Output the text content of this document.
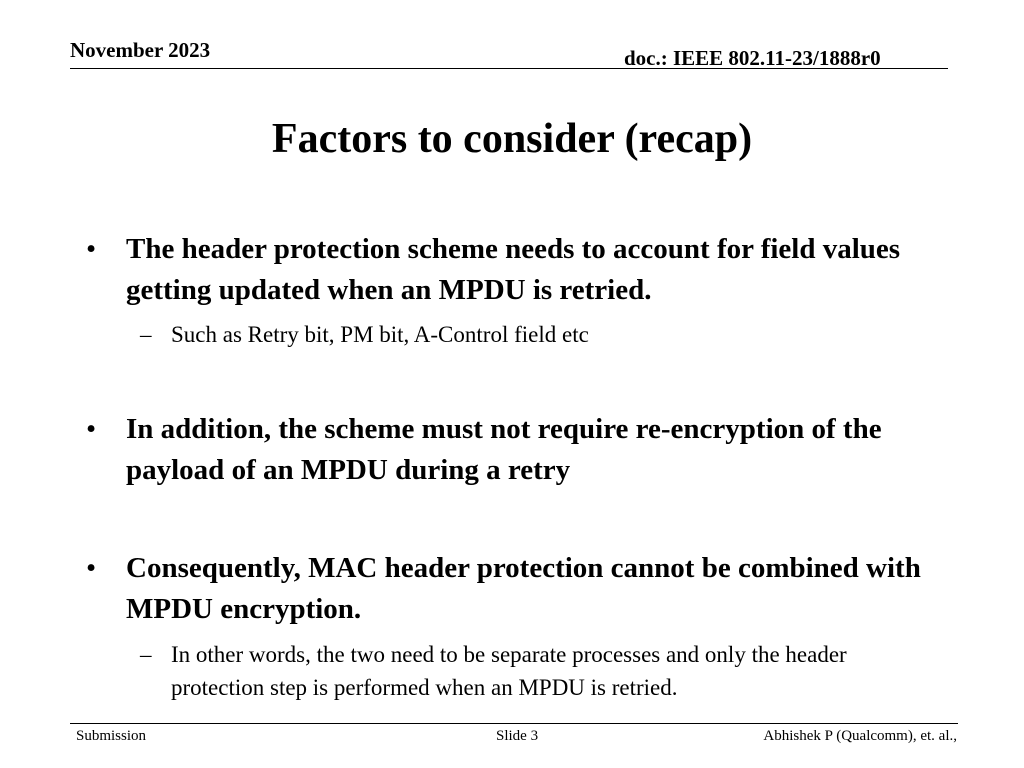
November 2023	doc.: IEEE 802.11-23/1888r0
Factors to consider (recap)
• The header protection scheme needs to account for field values getting updated when an MPDU is retried.
– Such as Retry bit, PM bit, A-Control field etc
• In addition, the scheme must not require re-encryption of the payload of an MPDU during a retry
• Consequently, MAC header protection cannot be combined with MPDU encryption.
– In other words, the two need to be separate processes and only the header protection step is performed when an MPDU is retried.
Submission	Slide 3	Abhishek P (Qualcomm), et. al.,
